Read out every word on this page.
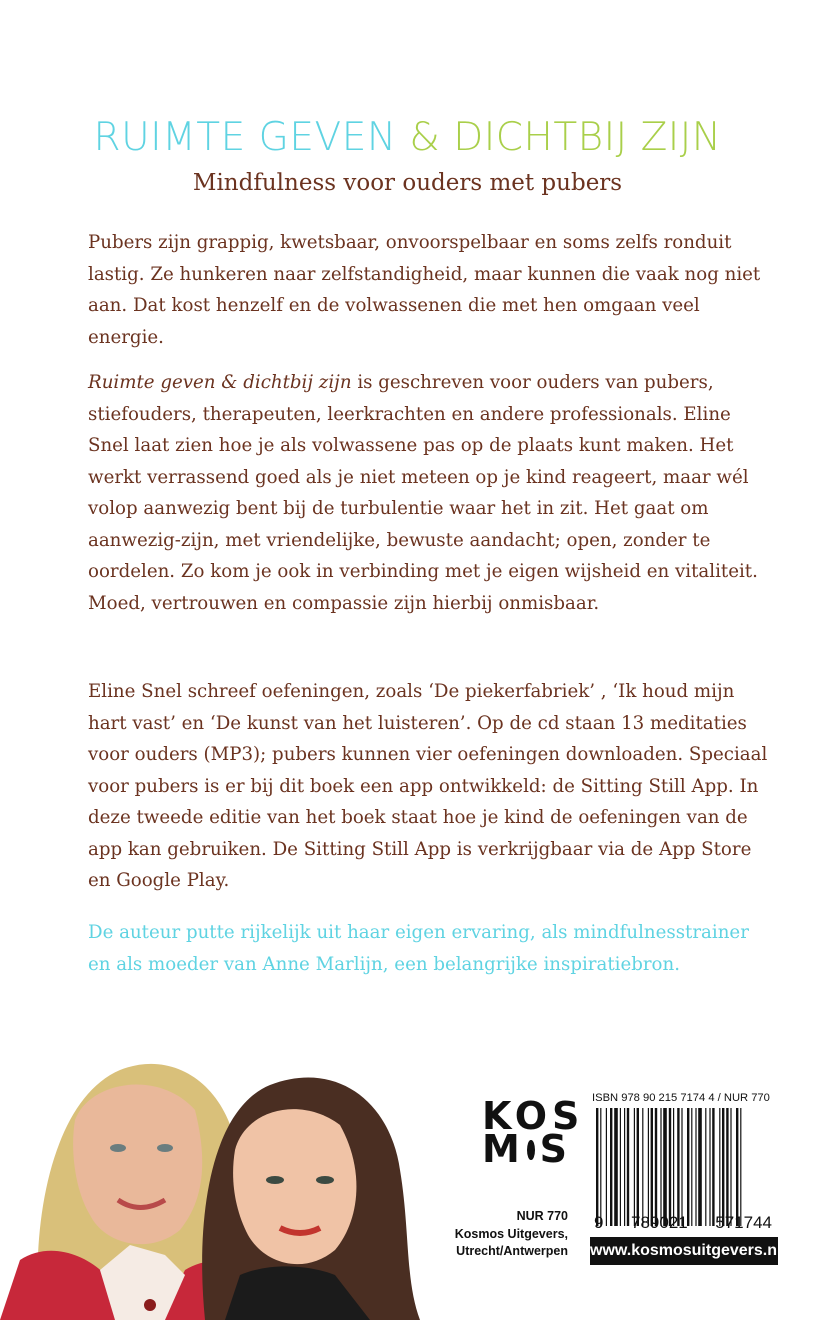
RUIMTE GEVEN & DICHTBIJ ZIJN
Mindfulness voor ouders met pubers

Pubers zijn grappig, kwetsbaar, onvoorspelbaar en soms zelfs ronduit lastig. Ze hunkeren naar zelfstandigheid, maar kunnen die vaak nog niet aan. Dat kost henzelf en de volwassenen die met hen omgaan veel energie.

Ruimte geven & dichtbij zijn is geschreven voor ouders van pubers, stiefouders, therapeuten, leerkrachten en andere professionals. Eline Snel laat zien hoe je als volwassene pas op de plaats kunt maken. Het werkt verrassend goed als je niet meteen op je kind reageert, maar wél volop aanwezig bent bij de turbulentie waar het in zit. Het gaat om aanwezig-zijn, met vriendelijke, bewuste aandacht; open, zonder te oordelen. Zo kom je ook in verbinding met je eigen wijsheid en vitaliteit. Moed, vertrouwen en compassie zijn hierbij onmisbaar.

Eline Snel schreef oefeningen, zoals ‘De piekerfabriek’ , ‘Ik houd mijn hart vast’ en ‘De kunst van het luisteren’. Op de cd staan 13 meditaties voor ouders (MP3); pubers kunnen vier oefeningen downloaden. Speciaal voor pubers is er bij dit boek een app ontwikkeld: de Sitting Still App. In deze tweede editie van het boek staat hoe je kind de oefeningen van de app kan gebruiken. De Sitting Still App is verkrijgbaar via de App Store en Google Play.

De auteur putte rijkelijk uit haar eigen ervaring, als mindfulnesstrainer en als moeder van Anne Marlijn, een belangrijke inspiratiebron.

KOS
M S
NUR 770
Kosmos Uitgevers,
Utrecht/Antwerpen
ISBN 978 90 215 7174 4 / NUR 770
9 789021 571744
www.kosmosuitgevers.nl
